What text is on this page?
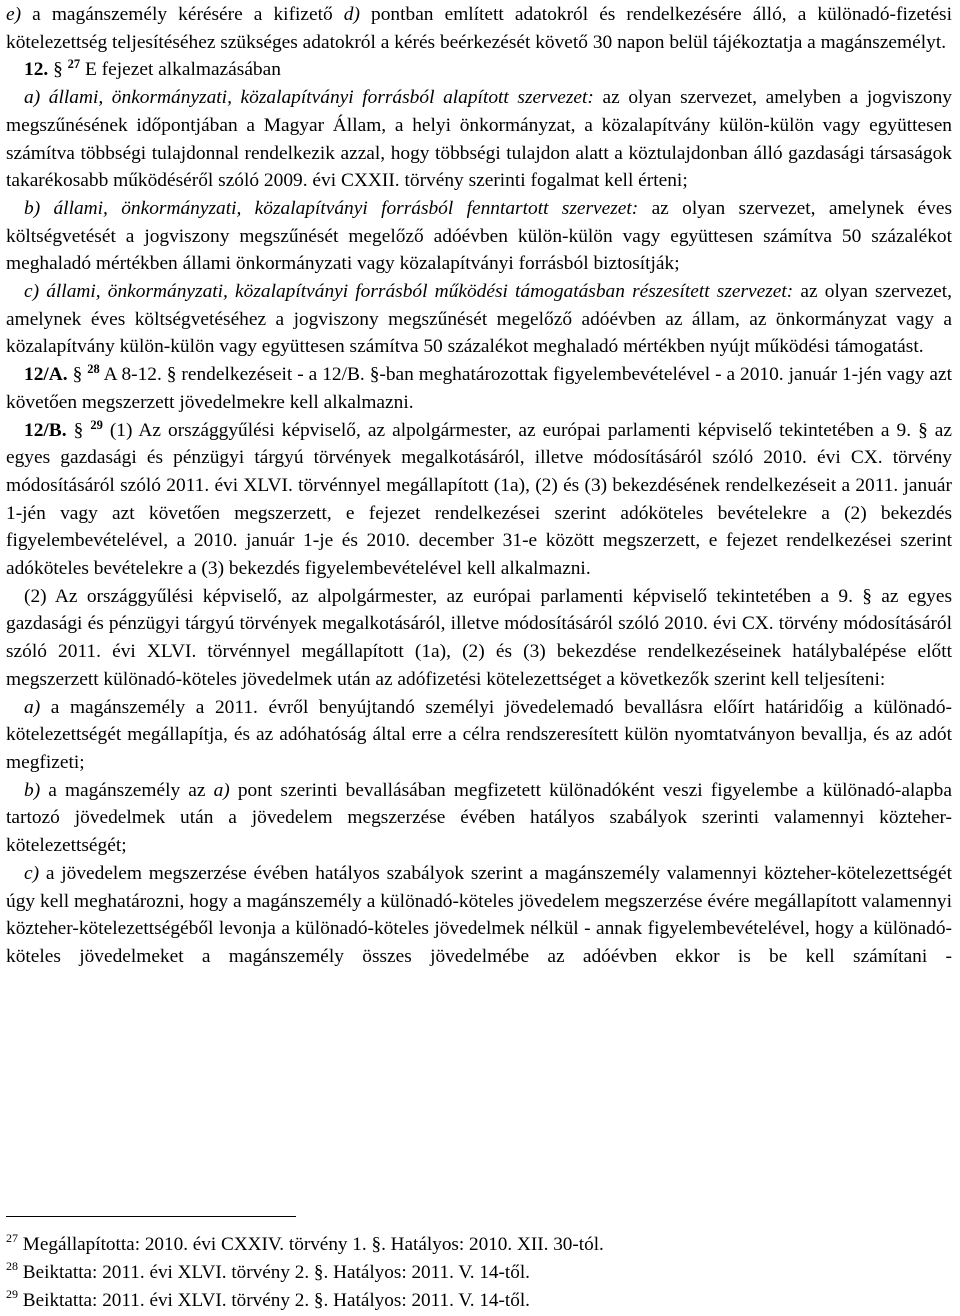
e) a magánszemély kérésére a kifizető d) pontban említett adatokról és rendelkezésére álló, a különadó-fizetési kötelezettség teljesítéséhez szükséges adatokról a kérés beérkezését követő 30 napon belül tájékoztatja a magánszemélyt.

12. § $^{27}$ E fejezet alkalmazásában

a) állami, önkormányzati, közalapítványi forrásból alapított szervezet: az olyan szervezet, amelyben a jogviszony megszűnésének időpontjában a Magyar Állam, a helyi önkormányzat, a közalapítvány külön-külön vagy együttesen számítva többségi tulajdonnal rendelkezik azzal, hogy többségi tulajdon alatt a köztulajdonban álló gazdasági társaságok takarékosabb működéséről szóló 2009. évi CXXII. törvény szerinti fogalmat kell érteni;

b) állami, önkormányzati, közalapítványi forrásból fenntartott szervezet: az olyan szervezet, amelynek éves költségvetését a jogviszony megszűnését megelőző adóévben külön-külön vagy együttesen számítva 50 százalékot meghaladó mértékben állami önkormányzati vagy közalapítványi forrásból biztosítják;

c) állami, önkormányzati, közalapítványi forrásból működési támogatásban részesített szervezet: az olyan szervezet, amelynek éves költségvetéséhez a jogviszony megszűnését megelőző adóévben az állam, az önkormányzat vagy a közalapítvány külön-külön vagy együttesen számítva 50 százalékot meghaladó mértékben nyújt működési támogatást.

12/A. § $^{28}$ A 8-12. § rendelkezéseit - a 12/B. §-ban meghatározottak figyelembevételével - a 2010. január 1-jén vagy azt követően megszerzett jövedelmekre kell alkalmazni.

12/B. § $^{29}$ (1) Az országgyűlési képviselő, az alpolgármester, az európai parlamenti képviselő tekintetében a 9. § az egyes gazdasági és pénzügyi tárgyú törvények megalkotásáról, illetve módosításáról szóló 2010. évi CX. törvény módosításáról szóló 2011. évi XLVI. törvénnyel megállapított (1a), (2) és (3) bekezdésének rendelkezéseit a 2011. január 1-jén vagy azt követően megszerzett, e fejezet rendelkezései szerint adóköteles bevételekre a (2) bekezdés figyelembevételével, a 2010. január 1-je és 2010. december 31-e között megszerzett, e fejezet rendelkezései szerint adóköteles bevételekre a (3) bekezdés figyelembevételével kell alkalmazni.

(2) Az országgyűlési képviselő, az alpolgármester, az európai parlamenti képviselő tekintetében a 9. § az egyes gazdasági és pénzügyi tárgyú törvények megalkotásáról, illetve módosításáról szóló 2010. évi CX. törvény módosításáról szóló 2011. évi XLVI. törvénnyel megállapított (1a), (2) és (3) bekezdése rendelkezéseinek hatálybalépése előtt megszerzett különadó-köteles jövedelmek után az adófizetési kötelezettséget a következők szerint kell teljesíteni:

a) a magánszemély a 2011. évről benyújtandó személyi jövedelemadó bevallásra előírt határidőig a különadó-kötelezettségét megállapítja, és az adóhatóság által erre a célra rendszeresített külön nyomtatványon bevallja, és az adót megfizeti;

b) a magánszemély az a) pont szerinti bevallásában megfizetett különadóként veszi figyelembe a különadó-alapba tartozó jövedelmek után a jövedelem megszerzése évében hatályos szabályok szerinti valamennyi közteher-kötelezettségét;

c) a jövedelem megszerzése évében hatályos szabályok szerint a magánszemély valamennyi közteher-kötelezettségét úgy kell meghatározni, hogy a magánszemély a különadó-köteles jövedelem megszerzése évére megállapított valamennyi közteher-kötelezettségéből levonja a különadó-köteles jövedelmek nélkül - annak figyelembevételével, hogy a különadó-köteles jövedelmeket a magánszemély összes jövedelmébe az adóévben ekkor is be kell számítani -

$^{27}$ Megállapította: 2010. évi CXXIV. törvény 1. §. Hatályos: 2010. XII. 30-tól.

$^{28}$ Beiktatta: 2011. évi XLVI. törvény 2. §. Hatályos: 2011. V. 14-től.

$^{29}$ Beiktatta: 2011. évi XLVI. törvény 2. §. Hatályos: 2011. V. 14-től.
